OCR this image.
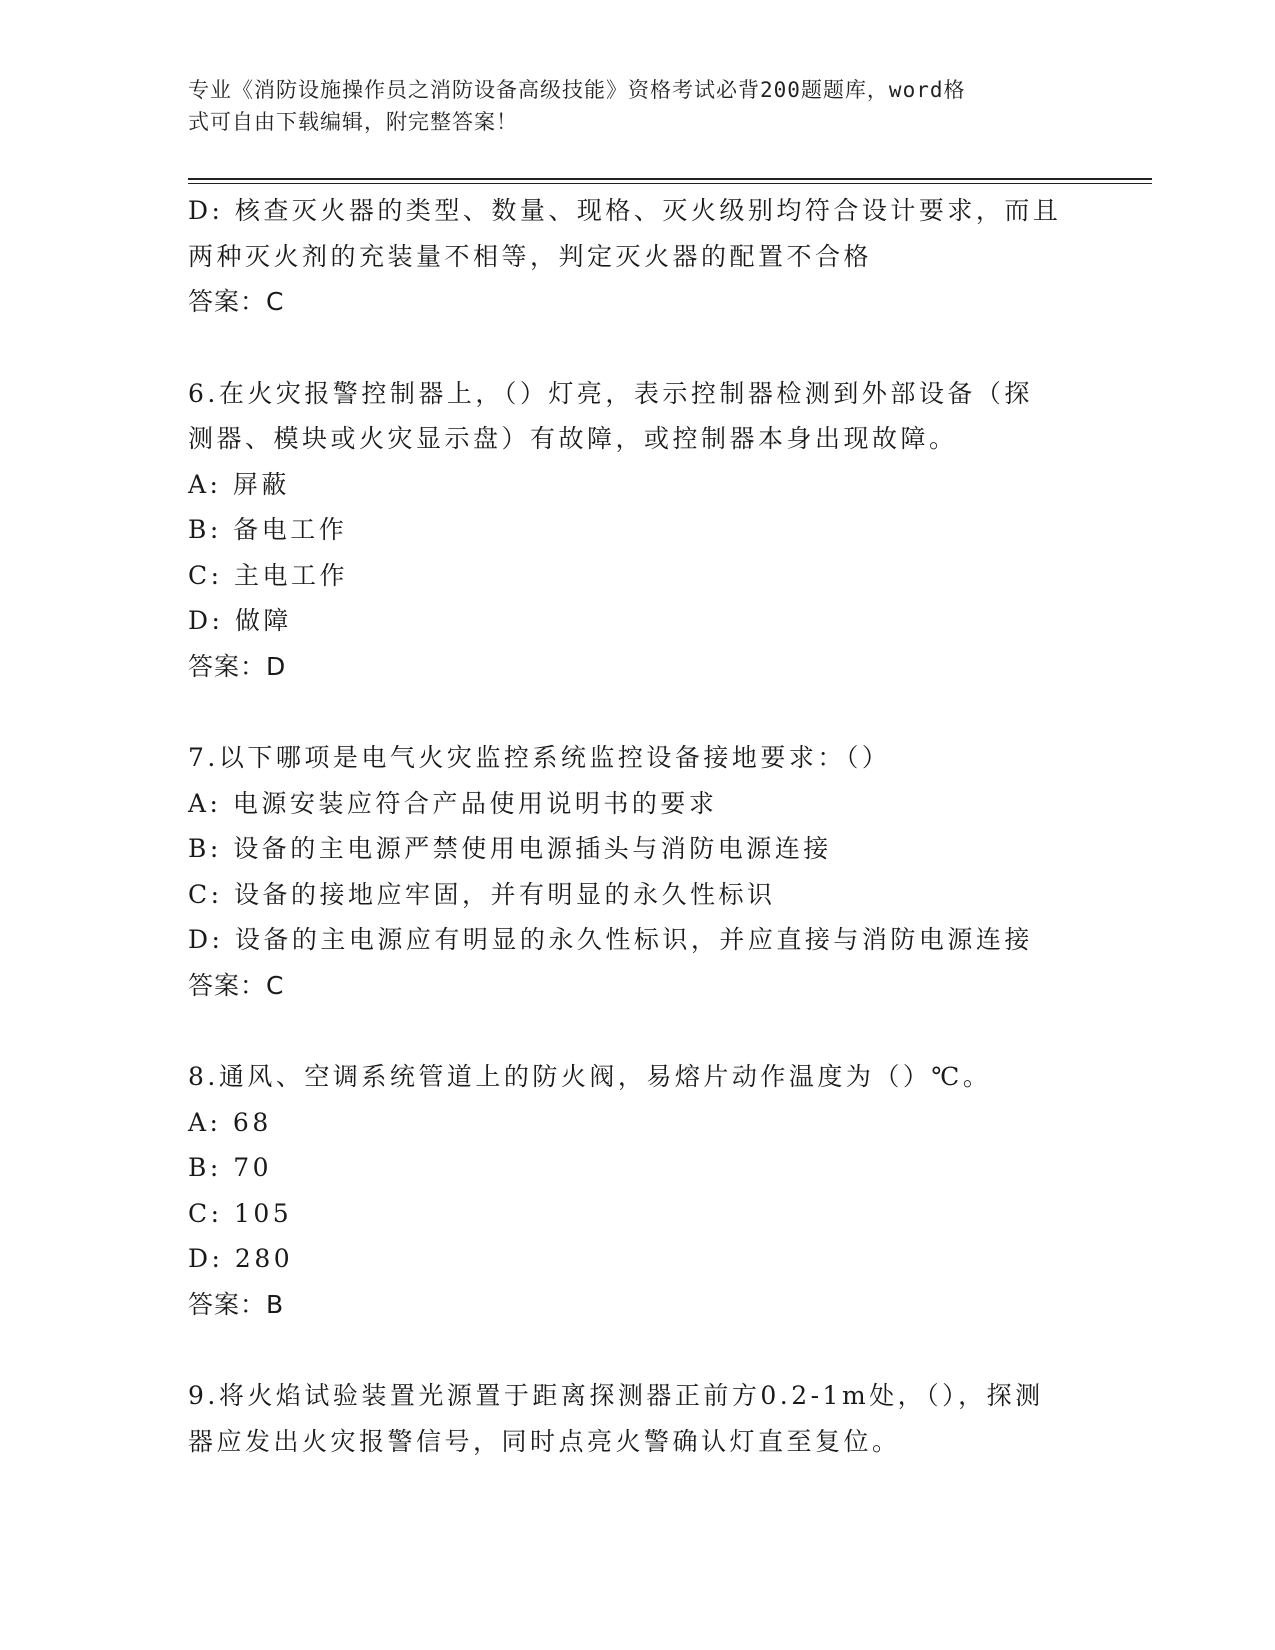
专业《消防设施操作员之消防设备高级技能》资格考试必背200题题库，word格
式可自由下载编辑，附完整答案！
D: 核查灭火器的类型、数量、现格、灭火级别均符合设计要求，而且
两种灭火剂的充装量不相等，判定灭火器的配置不合格
答案：C
6.在火灾报警控制器上，（）灯亮，表示控制器检测到外部设备（探
测器、模块或火灾显示盘）有故障，或控制器本身出现故障。
A: 屏蔽
B: 备电工作
C: 主电工作
D: 做障
答案：D
7.以下哪项是电气火灾监控系统监控设备接地要求：（）
A: 电源安装应符合产品使用说明书的要求
B: 设备的主电源严禁使用电源插头与消防电源连接
C: 设备的接地应牢固，并有明显的永久性标识
D: 设备的主电源应有明显的永久性标识，并应直接与消防电源连接
答案：C
8.通风、空调系统管道上的防火阀，易熔片动作温度为（）℃。
A: 68
B: 70
C: 105
D: 280
答案：B
9.将火焰试验装置光源置于距离探测器正前方0.2-1m处，（），探测
器应发出火灾报警信号，同时点亮火警确认灯直至复位。
